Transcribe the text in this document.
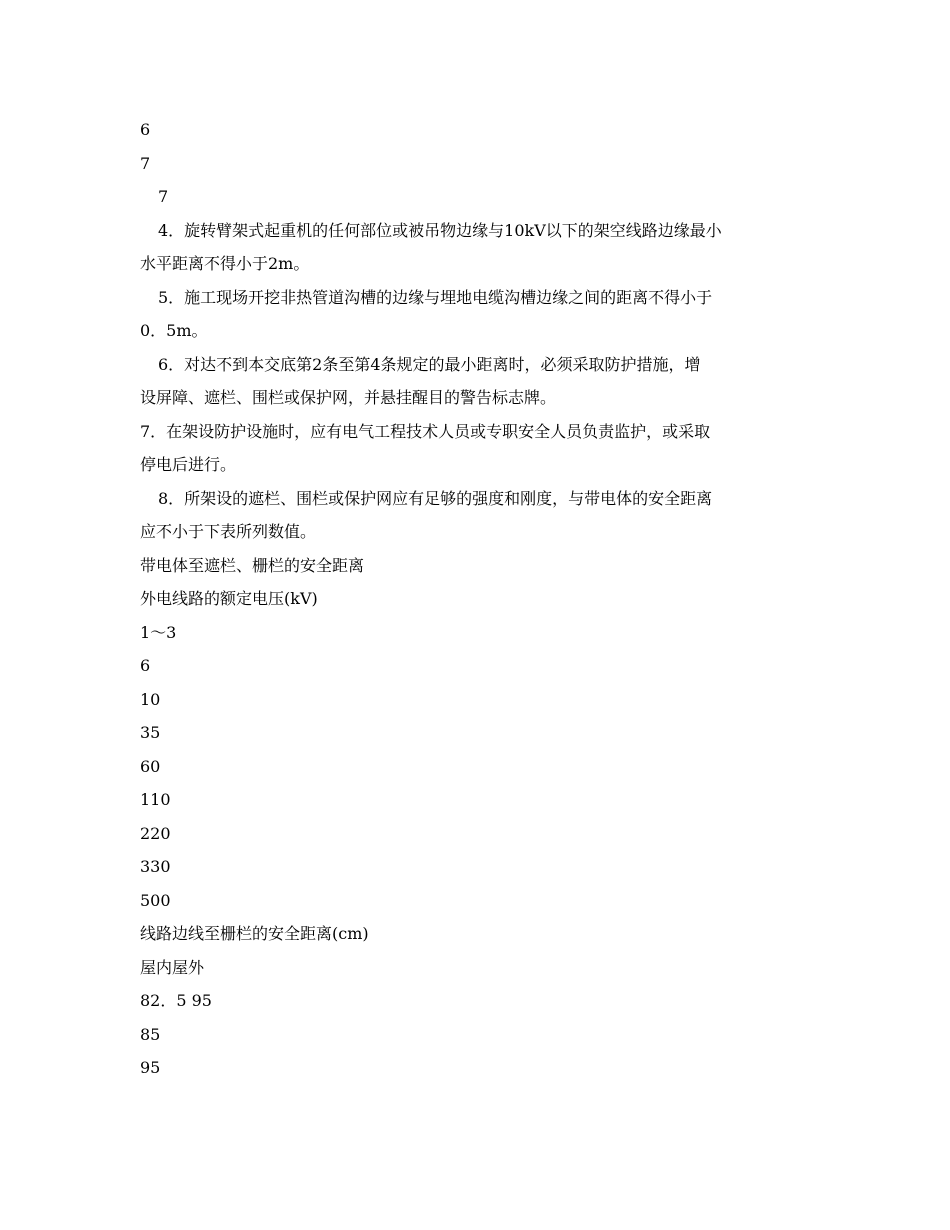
6
7
7
4．旋转臂架式起重机的任何部位或被吊物边缘与10kV以下的架空线路边缘最小
水平距离不得小于2m。
5．施工现场开挖非热管道沟槽的边缘与埋地电缆沟槽边缘之间的距离不得小于
0．5m。
6．对达不到本交底第2条至第4条规定的最小距离时，必须采取防护措施，增
设屏障、遮栏、围栏或保护网，并悬挂醒目的警告标志牌。
7．在架设防护设施时，应有电气工程技术人员或专职安全人员负责监护，或采取
停电后进行。
8．所架设的遮栏、围栏或保护网应有足够的强度和刚度，与带电体的安全距离
应不小于下表所列数值。
带电体至遮栏、栅栏的安全距离
外电线路的额定电压(kV)
1～3
6
10
35
60
110
220
330
500
线路边线至栅栏的安全距离(cm)
屋内屋外
82．5 95
85
95
